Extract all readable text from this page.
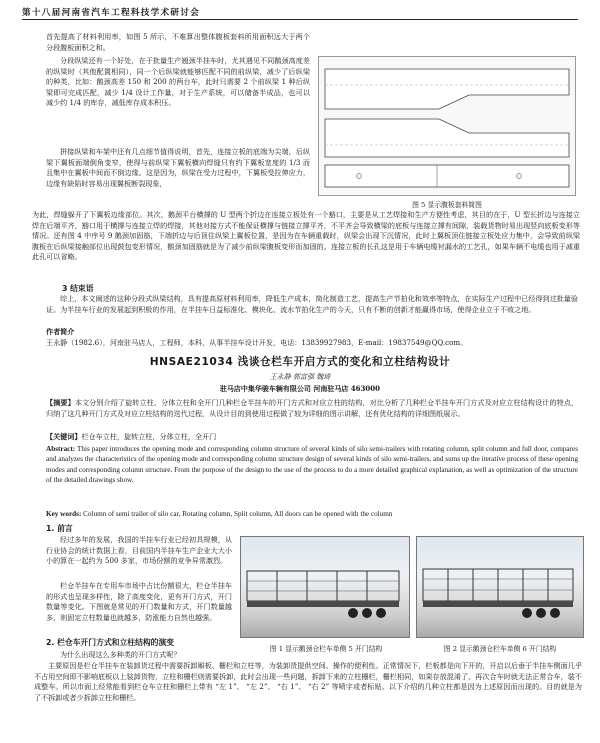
第十八届河南省汽车工程科技学术研讨会

首先提高了材料利用率，如图 5 所示，不难算出整体腹板套料所用面积远大于两个分段腹板面积之和。

分段纵梁还有一个好处，在于批量生产翘颈半挂车时，尤其遇见不同鹅颈高度差的纵梁时（其他配置相同），同一个后纵梁就能够匹配不同的前纵梁，减少了后纵梁的种类，比如：鹅颈高差 150 和 200 的两台车，此时只需要 2 个前纵梁 1 种后纵梁即可完成匹配，减少 1/4 设计工作量，对于生产系统，可以储备半成品，也可以减少约 1/4 的库存，减低库存成本积压。

拼接纵梁和车架中还有几点细节值得说明，首先，连接立板的底端为尖端，后纵梁下翼板面端倒角变窄，使得与前纵梁下翼板横向焊缝只有约下翼板宽度的 1/3 而且集中在翼板中间而不倒边缘。这是因为，纵梁在受力过程中，下翼板受拉伸应力，边缘有缺陷时容易出现翼板断裂现象，

图 5 显示腹板套料简图

为此，焊缝躲开了下翼板边缘部位。其次，鹅颈平台横撑的 U 型两个折边在连接立板处有一个豁口，主要是从工艺焊接和生产方便性考虑，其目的在于，U 型长折边与连接立焊在后端平齐，豁口用于横撑与连接立焊的焊接，其他对接方式不能保证横撑与链接立撑平齐，不平齐会导致横梁的底板与连接立撑有间隙，装载货物时易出现竖向底板变形等情况。还有图 4 中序号 9 鹅颈加固筋，下端折边与后顶住纵梁上翼板位置，是因为在车辆重载时，纵梁会出现下沉情况，此时上翼板顶住链接立板处应力集中，会导致前纵梁腹板在后纵梁接触部位出现鼓包变形情况，鹅颈加固筋就是为了减少前纵梁腹板变形而加固的。连接立板的长孔这是用于车辆电缆衬漏水的工艺孔，如果车辆不电缆也用于减重此孔可以省略。

3 结束语

综上，本文阐述的这种分段式纵梁结构，具有提高原材料利用率，降低生产成本，简化制造工艺，提高生产节拍化和效率等特点，在实际生产过程中已经得到过批量验证。为半挂车行业的发展起到积极的作用，在半挂车日益标准化、模块化、流水节拍化生产的今天，只有不断的创新才能赢得市场，使得企业立于不败之地。

作者简介

王永静（1982.6），河南驻马店人，工程师，本科，从事半挂车设计开发，电话：13839927983，E-mail：19837549@QQ.com。

HNSAE21034 浅谈仓栏车开启方式的变化和立柱结构设计
王永静 郭富强 魏琦
驻马店中集华骏车辆有限公司 河南驻马店 463000

【摘要】本文分别介绍了旋转立柱、分体立柱和全开门几种栏仓半挂车的开门方式和对应立柱的结构，对比分析了几种栏仓半挂车开门方式及对应立柱结构设计的特点，归纳了这几种开门方式及对应立柱结构的迭代过程，从设计目的到使用过程做了较为详细的图示讲解，还有优化结构的详细图纸展示。

【关键词】栏仓车立柱，旋转立柱，分体立柱，全开门

Abstract: This paper introduces the opening mode and corresponding column structure of several kinds of silo semi-trailers with rotating column, split column and full door, compares and analyzes the characteristics of the opening mode and corresponding column structure design of several kinds of silo semi-trailers, and sums up the iterative process of these opening modes and corresponding column structure. From the purpose of the design to the use of the process to do a more detailed graphical explanation, as well as optimization of the structure of the detailed drawings show.

Key words: Column of semi trailer of silo car, Rotating column, Split column, All doors can be opened with the column

1. 前言

经过多年的发展，我国的半挂车行业已经初具规模，从行业协会的统计数据上看，目前国内半挂车生产企业大大小小的算在一起约为 500 多家，市场份额的竞争异常激烈。

栏仓半挂车在专用车市场中占比份额很大，栏仓半挂车的形式也呈现多样性，除了高度变化，更有开门方式，开门数量等变化。下图就是常见的开门数量和方式，开门数量越多，则固定立柱数量也就越多，防涨能力自然也越强。

图 1 显示鹅颈仓栏车单侧 5 开门结构	图 2 显示鹅颈仓栏车单侧 6 开门结构
2. 栏仓车开门方式和立柱结构的演变

为什么出现这么多种类的开门方式呢？

主要原因是栏仓半挂车在装卸货过程中需要拆卸厢板、栅栏和立柱等，为装卸货提供空间、操作的便利性。正常情况下，栏板都是向下开的，开启以后垂于半挂车侧面几乎不占用空间即不影响底板以上装卸货物，立柱和栅栏则需要拆卸，此时会出现一些问题，拆卸下来的立柱栅栏，栅栏相同，如果存放混淆了，再次合车时就无法正常合车，装不成整车。所以市面上经常能看到栏仓车立柱和栅栏上带有 “左 1”、 “左 2”、 “右 1”、 “右 2” 等喷字或者标贴。以下介绍的几种立柱都是因为上述原因而出现的。目的就是为了不拆卸或者少拆卸立柱和栅栏。
